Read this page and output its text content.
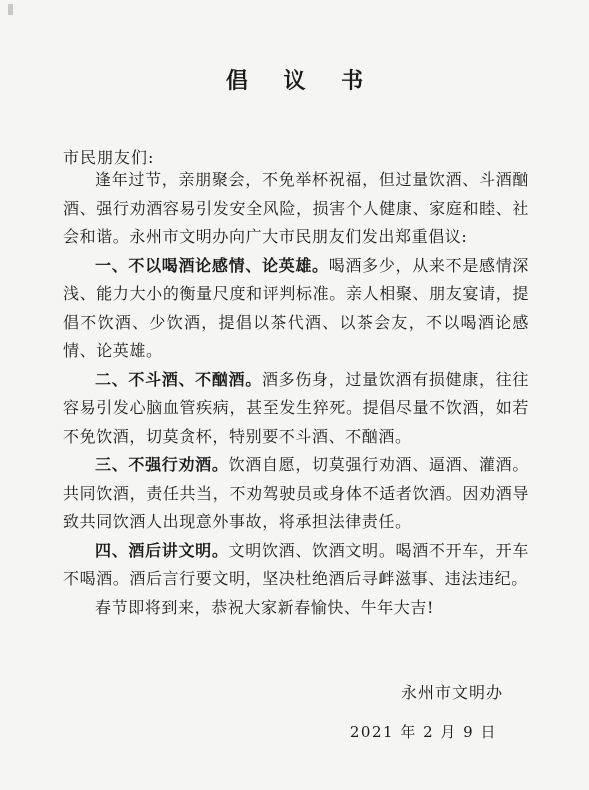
倡 议 书
市民朋友们:

逢年过节，亲朋聚会，不免举杯祝福，但过量饮酒、斗酒酗酒、强行劝酒容易引发安全风险，损害个人健康、家庭和睦、社会和谐。永州市文明办向广大市民朋友们发出郑重倡议:

一、不以喝酒论感情、论英雄。喝酒多少，从来不是感情深浅、能力大小的衡量尺度和评判标准。亲人相聚、朋友宴请，提倡不饮酒、少饮酒，提倡以茶代酒、以茶会友，不以喝酒论感情、论英雄。

二、不斗酒、不酗酒。酒多伤身，过量饮酒有损健康，往往容易引发心脑血管疾病，甚至发生猝死。提倡尽量不饮酒，如若不免饮酒，切莫贪杯，特别要不斗酒、不酗酒。

三、不强行劝酒。饮酒自愿，切莫强行劝酒、逼酒、灌酒。共同饮酒，责任共当，不劝驾驶员或身体不适者饮酒。因劝酒导致共同饮酒人出现意外事故，将承担法律责任。

四、酒后讲文明。文明饮酒、饮酒文明。喝酒不开车，开车不喝酒。酒后言行要文明，坚决杜绝酒后寻衅滋事、违法违纪。

春节即将到来，恭祝大家新春愉快、牛年大吉!

永州市文明办
2021 年 2 月 9 日
